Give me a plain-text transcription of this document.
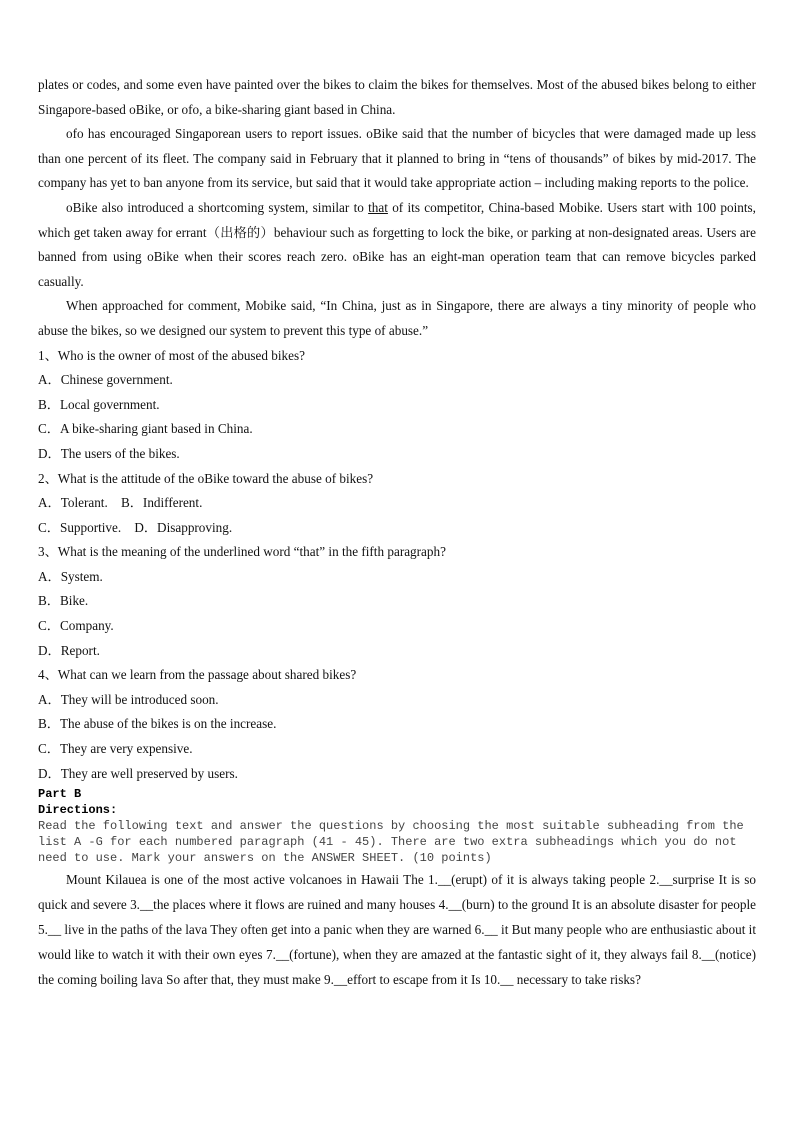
plates or codes, and some even have painted over the bikes to claim the bikes for themselves. Most of the abused bikes belong to either Singapore-based oBike, or ofo, a bike-sharing giant based in China.

ofo has encouraged Singaporean users to report issues. oBike said that the number of bicycles that were damaged made up less than one percent of its fleet. The company said in February that it planned to bring in “tens of thousands” of bikes by mid-2017. The company has yet to ban anyone from its service, but said that it would take appropriate action – including making reports to the police.

oBike also introduced a shortcoming system, similar to that of its competitor, China-based Mobike. Users start with 100 points, which get taken away for errant（出格的）behaviour such as forgetting to lock the bike, or parking at non-designated areas. Users are banned from using oBike when their scores reach zero. oBike has an eight-man operation team that can remove bicycles parked casually.

When approached for comment, Mobike said, “In China, just as in Singapore, there are always a tiny minority of people who abuse the bikes, so we designed our system to prevent this type of abuse.”

1、Who is the owner of most of the abused bikes?
A．Chinese government.
B．Local government.
C．A bike-sharing giant based in China.
D．The users of the bikes.
2、What is the attitude of the oBike toward the abuse of bikes?
A．Tolerant.　B．Indifferent.
C．Supportive.　D．Disapproving.
3、What is the meaning of the underlined word “that” in the fifth paragraph?
A．System.
B．Bike.
C．Company.
D．Report.
4、What can we learn from the passage about shared bikes?
A．They will be introduced soon.
B．The abuse of the bikes is on the increase.
C．They are very expensive.
D．They are well preserved by users.
Part B
Directions:
Read the following text and answer the questions by choosing the most suitable subheading from the list A -G for each numbered paragraph (41 - 45). There are two extra subheadings which you do not need to use. Mark your answers on the ANSWER SHEET. (10 points)

Mount Kilauea is one of the most active volcanoes in Hawaii The 1.__(erupt) of it is always taking people 2.__surprise It is so quick and severe 3.__the places where it flows are ruined and many houses 4.__(burn) to the ground It is an absolute disaster for people 5.__ live in the paths of the lava They often get into a panic when they are warned 6.__ it But many people who are enthusiastic about it would like to watch it with their own eyes 7.__(fortune), when they are amazed at the fantastic sight of it, they always fail 8.__(notice) the coming boiling lava So after that, they must make 9.__effort to escape from it Is 10.__ necessary to take risks?
